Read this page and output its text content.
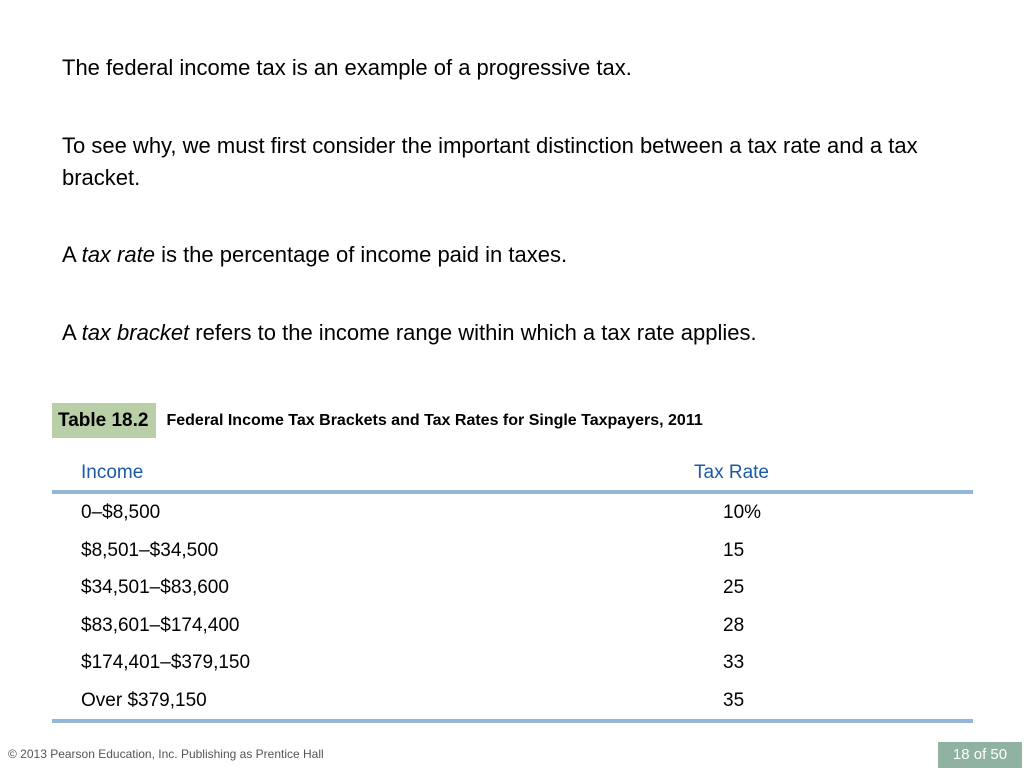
The federal income tax is an example of a progressive tax.

To see why, we must first consider the important distinction between a tax rate and a tax bracket.

A tax rate is the percentage of income paid in taxes.

A tax bracket refers to the income range within which a tax rate applies.

Table 18.2	Federal Income Tax Brackets and Tax Rates for Single Taxpayers, 2011
Income	Tax Rate
0–$8,500	10%
$8,501–$34,500	15
$34,501–$83,600	25
$83,601–$174,400	28
$174,401–$379,150	33
Over $379,150	35
© 2013 Pearson Education, Inc. Publishing as Prentice Hall	18 of 50
